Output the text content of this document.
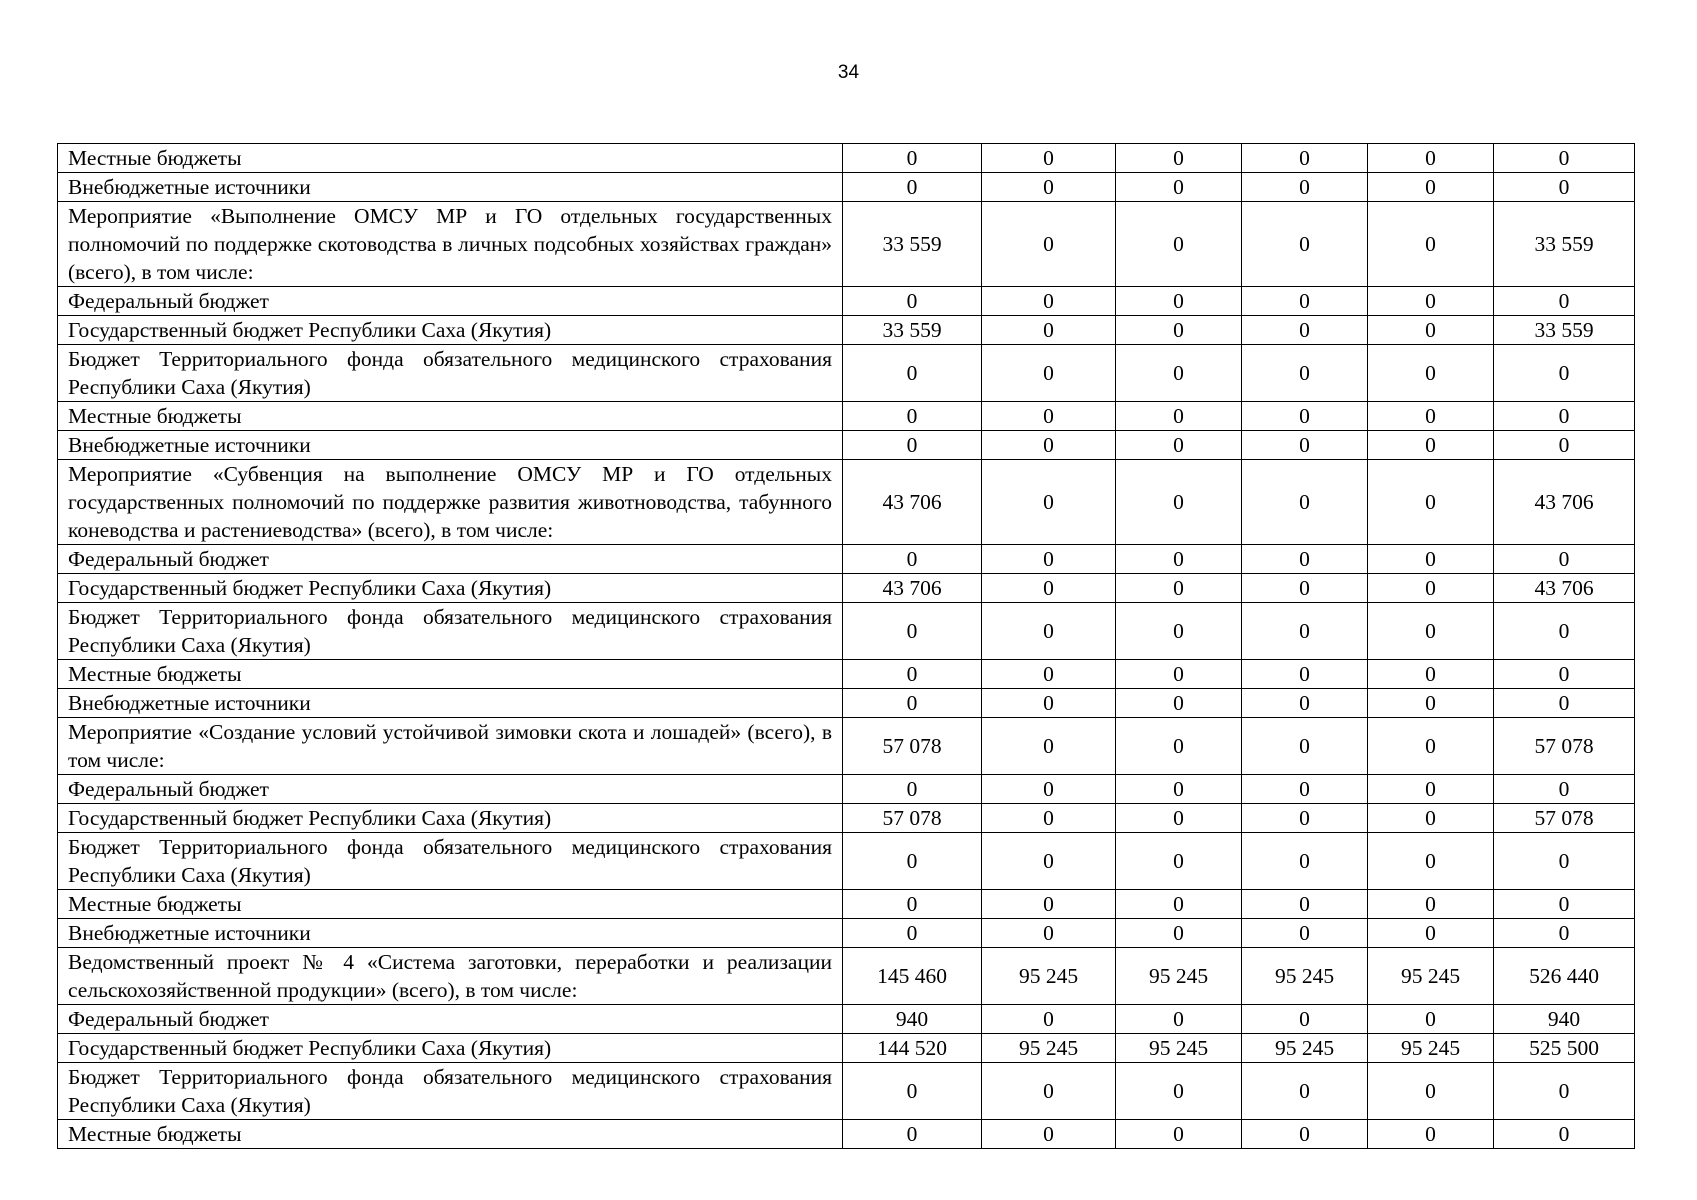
34
Местные бюджеты	0	0	0	0	0	0
Внебюджетные источники	0	0	0	0	0	0
Мероприятие «Выполнение ОМСУ МР и ГО отдельных государственных полномочий по поддержке скотоводства в личных подсобных хозяйствах граждан» (всего), в том числе:	33 559	0	0	0	0	33 559
Федеральный бюджет	0	0	0	0	0	0
Государственный бюджет Республики Саха (Якутия)	33 559	0	0	0	0	33 559
Бюджет Территориального фонда обязательного медицинского страхования Республики Саха (Якутия)	0	0	0	0	0	0
Местные бюджеты	0	0	0	0	0	0
Внебюджетные источники	0	0	0	0	0	0
Мероприятие «Субвенция на выполнение ОМСУ МР и ГО отдельных государственных полномочий по поддержке развития животноводства, табунного коневодства и растениеводства» (всего), в том числе:	43 706	0	0	0	0	43 706
Федеральный бюджет	0	0	0	0	0	0
Государственный бюджет Республики Саха (Якутия)	43 706	0	0	0	0	43 706
Бюджет Территориального фонда обязательного медицинского страхования Республики Саха (Якутия)	0	0	0	0	0	0
Местные бюджеты	0	0	0	0	0	0
Внебюджетные источники	0	0	0	0	0	0
Мероприятие «Создание условий устойчивой зимовки скота и лошадей» (всего), в том числе:	57 078	0	0	0	0	57 078
Федеральный бюджет	0	0	0	0	0	0
Государственный бюджет Республики Саха (Якутия)	57 078	0	0	0	0	57 078
Бюджет Территориального фонда обязательного медицинского страхования Республики Саха (Якутия)	0	0	0	0	0	0
Местные бюджеты	0	0	0	0	0	0
Внебюджетные источники	0	0	0	0	0	0
Ведомственный проект № 4 «Система заготовки, переработки и реализации сельскохозяйственной продукции» (всего), в том числе:	145 460	95 245	95 245	95 245	95 245	526 440
Федеральный бюджет	940	0	0	0	0	940
Государственный бюджет Республики Саха (Якутия)	144 520	95 245	95 245	95 245	95 245	525 500
Бюджет Территориального фонда обязательного медицинского страхования Республики Саха (Якутия)	0	0	0	0	0	0
Местные бюджеты	0	0	0	0	0	0
